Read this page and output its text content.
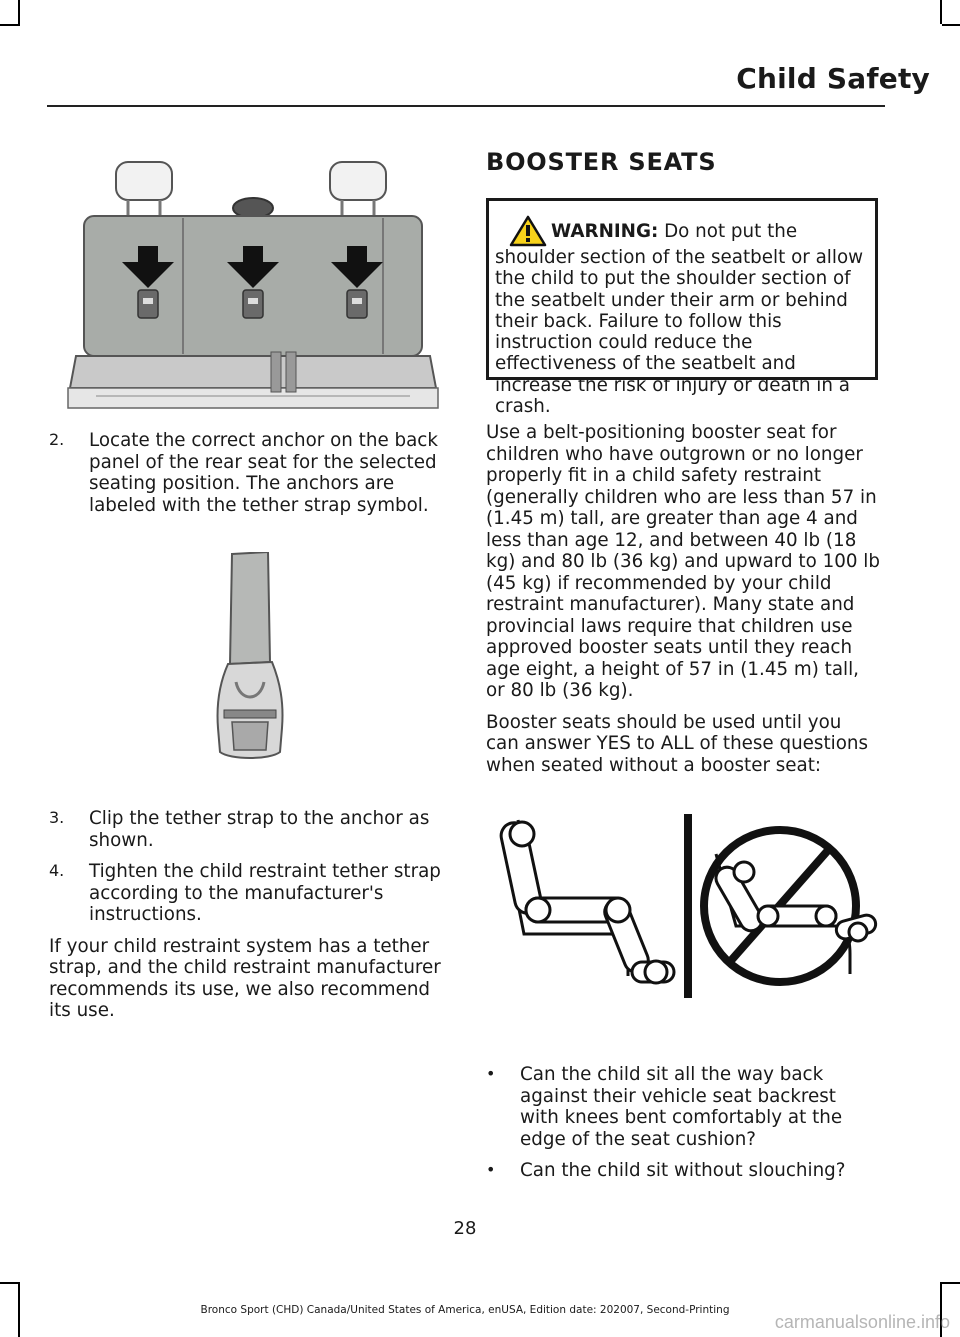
Child Safety
2.	Locate the correct anchor on the back panel of the rear seat for the selected seating position. The anchors are labeled with the tether strap symbol.

3.	Clip the tether strap to the anchor as shown.

4.	Tighten the child restraint tether strap according to the manufacturer's instructions.

If your child restraint system has a tether strap, and the child restraint manufacturer recommends its use, we also recommend its use.

BOOSTER SEATS

WARNING: Do not put the shoulder section of the seatbelt or allow the child to put the shoulder section of the seatbelt under their arm or behind their back. Failure to follow this instruction could reduce the effectiveness of the seatbelt and increase the risk of injury or death in a crash.

Use a belt-positioning booster seat for children who have outgrown or no longer properly fit in a child safety restraint (generally children who are less than 57 in (1.45 m) tall, are greater than age 4 and less than age 12, and between 40 lb (18 kg) and 80 lb (36 kg) and upward to 100 lb (45 kg) if recommended by your child restraint manufacturer). Many state and provincial laws require that children use approved booster seats until they reach age eight, a height of 57 in (1.45 m) tall, or 80 lb (36 kg).

Booster seats should be used until you can answer YES to ALL of these questions when seated without a booster seat:

•	Can the child sit all the way back against their vehicle seat backrest with knees bent comfortably at the edge of the seat cushion?

•	Can the child sit without slouching?

28
Bronco Sport (CHD) Canada/United States of America, enUSA, Edition date: 202007, Second-Printing
carmanualsonline.info
